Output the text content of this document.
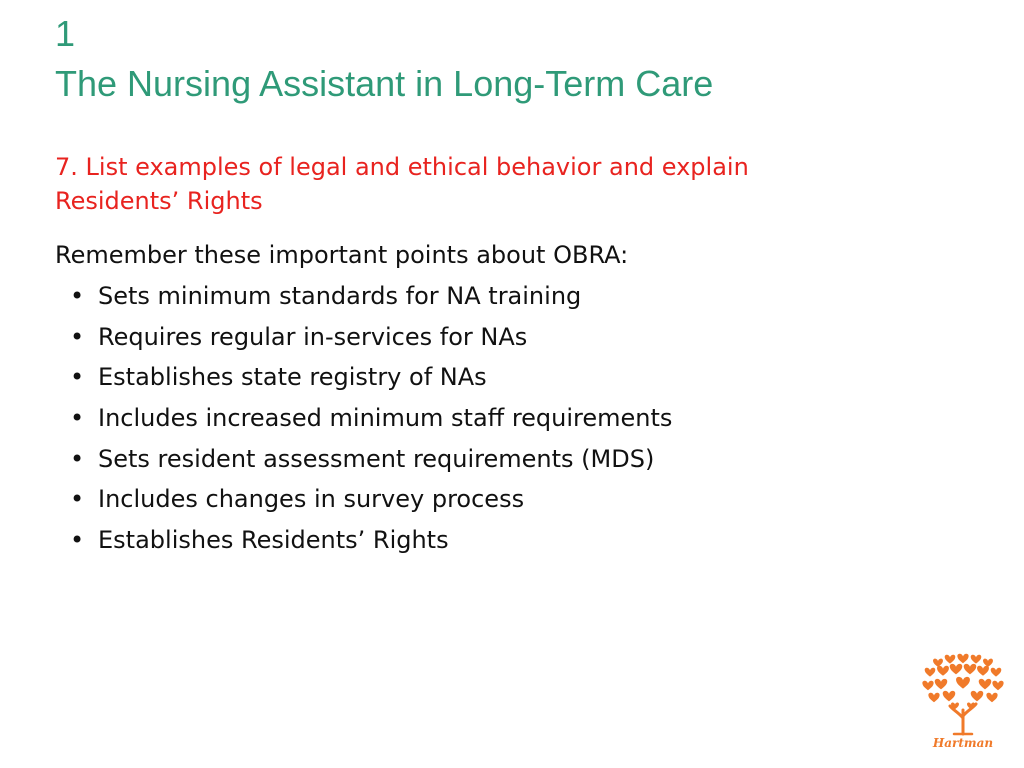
1
The Nursing Assistant in Long-Term Care
7. List examples of legal and ethical behavior and explain
Residents’ Rights
Remember these important points about OBRA:
• Sets minimum standards for NA training
• Requires regular in-services for NAs
• Establishes state registry of NAs
• Includes increased minimum staff requirements
• Sets resident assessment requirements (MDS)
• Includes changes in survey process
• Establishes Residents’ Rights
Hartman
